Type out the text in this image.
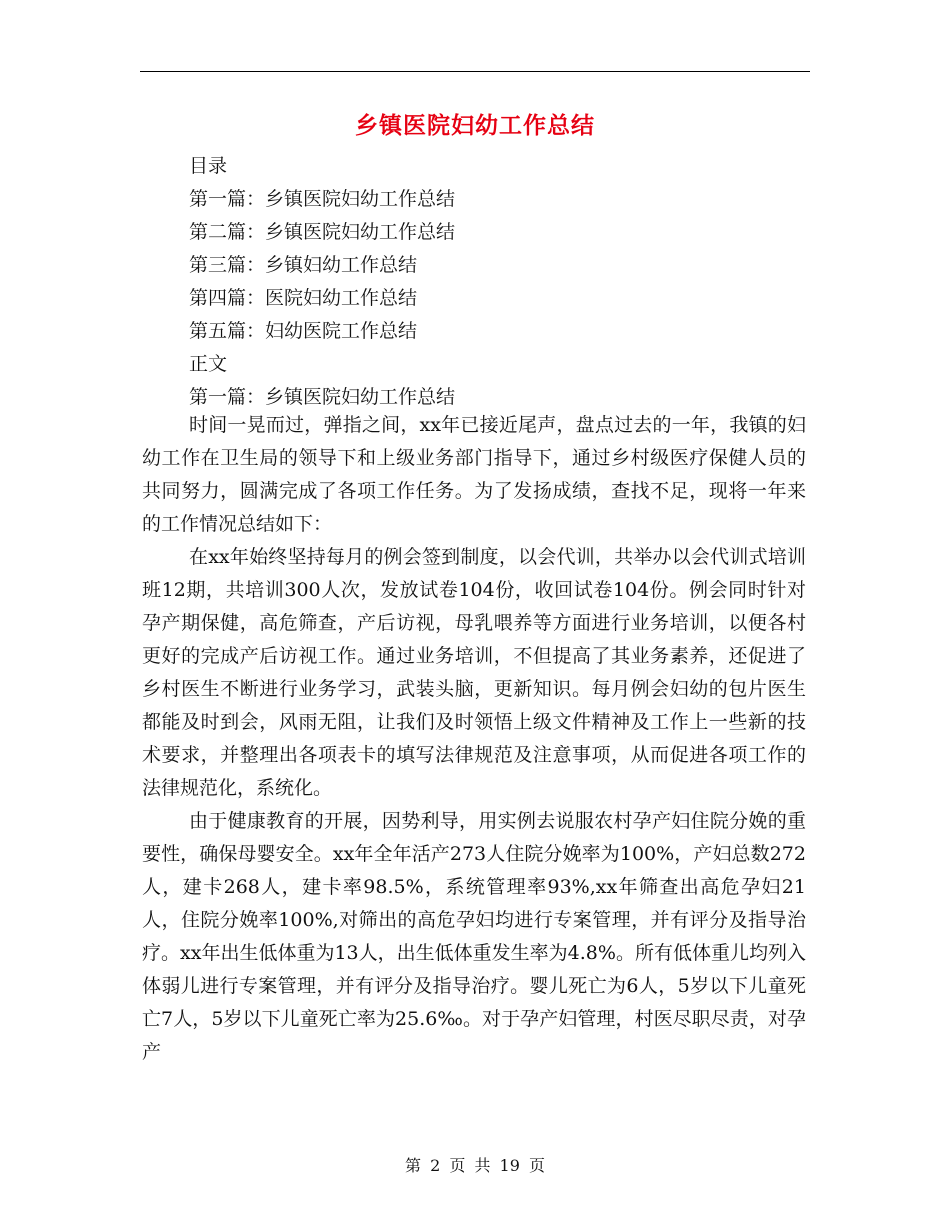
乡镇医院妇幼工作总结
目录
第一篇：乡镇医院妇幼工作总结
第二篇：乡镇医院妇幼工作总结
第三篇：乡镇妇幼工作总结
第四篇：医院妇幼工作总结
第五篇：妇幼医院工作总结
正文
第一篇：乡镇医院妇幼工作总结

时间一晃而过，弹指之间，xx年已接近尾声，盘点过去的一年，我镇的妇幼工作在卫生局的领导下和上级业务部门指导下，通过乡村级医疗保健人员的共同努力，圆满完成了各项工作任务。为了发扬成绩，查找不足，现将一年来的工作情况总结如下：

在xx年始终坚持每月的例会签到制度，以会代训，共举办以会代训式培训班12期，共培训300人次，发放试卷104份，收回试卷104份。例会同时针对孕产期保健，高危筛查，产后访视，母乳喂养等方面进行业务培训，以便各村更好的完成产后访视工作。通过业务培训，不但提高了其业务素养，还促进了乡村医生不断进行业务学习，武装头脑，更新知识。每月例会妇幼的包片医生都能及时到会，风雨无阻，让我们及时领悟上级文件精神及工作上一些新的技术要求，并整理出各项表卡的填写法律规范及注意事项，从而促进各项工作的法律规范化，系统化。

由于健康教育的开展，因势利导，用实例去说服农村孕产妇住院分娩的重要性，确保母婴安全。xx年全年活产273人住院分娩率为100%，产妇总数272人，建卡268人，建卡率98.5%，系统管理率93%,xx年筛查出高危孕妇21人，住院分娩率100%,对筛出的高危孕妇均进行专案管理，并有评分及指导治疗。xx年出生低体重为13人，出生低体重发生率为4.8%。所有低体重儿均列入体弱儿进行专案管理，并有评分及指导治疗。婴儿死亡为6人，5岁以下儿童死亡7人，5岁以下儿童死亡率为25.6‰。对于孕产妇管理，村医尽职尽责，对孕产

第 2 页 共 19 页
